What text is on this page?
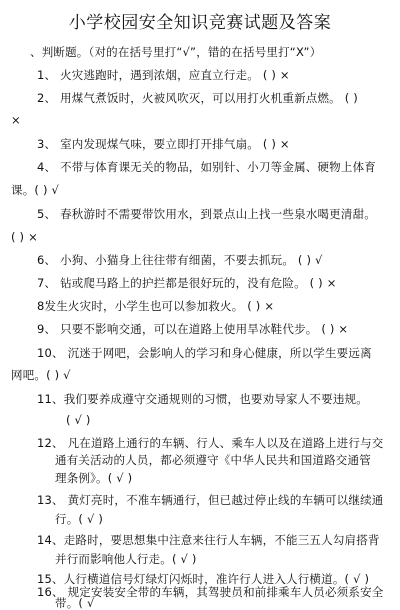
小学校园安全知识竞赛试题及答案
、判断题。（对的在括号里打“√”，错的在括号里打“X”）
1、 火灾逃跑时，遇到浓烟，应直立行走。 ( ) ×
2、 用煤气煮饭时，火被风吹灭，可以用打火机重新点燃。 ( )
×
3、 室内发现煤气味，要立即打开排气扇。 ( ) ×
4、 不带与体育课无关的物品，如别针、小刀等金属、硬物上体育
课。( ) √
5、 春秋游时不需要带饮用水，到景点山上找一些泉水喝更清甜。
( ) ×
6、 小狗、小猫身上往往带有细菌，不要去抓玩。 ( ) √
7、 钻或爬马路上的护拦都是很好玩的，没有危险。 ( ) ×
8发生火灾时，小学生也可以参加救火。 ( ) ×
9、 只要不影响交通，可以在道路上使用旱冰鞋代步。 ( ) ×
10、 沉迷于网吧，会影响人的学习和身心健康，所以学生要远离
网吧。( ) √
11、我们要养成遵守交通规则的习惯，也要劝导家人不要违规。
( √ )
12、 凡在道路上通行的车辆、行人、乘车人以及在道路上进行与交
通有关活动的人员，都必须遵守《中华人民共和国道路交通管
理条例》。( √ )
13、 黄灯亮时，不准车辆通行，但已越过停止线的车辆可以继续通
行。( √ )
14、走路时，要思想集中注意来往行人车辆，不能三五人勾肩搭背
并行而影响他人行走。( √ )
15、人行横道信号灯绿灯闪烁时，准许行人进入人行横道。( √ )
16、 规定安装安全带的车辆，其驾驶员和前排乘车人员必须系安全
带。( √
